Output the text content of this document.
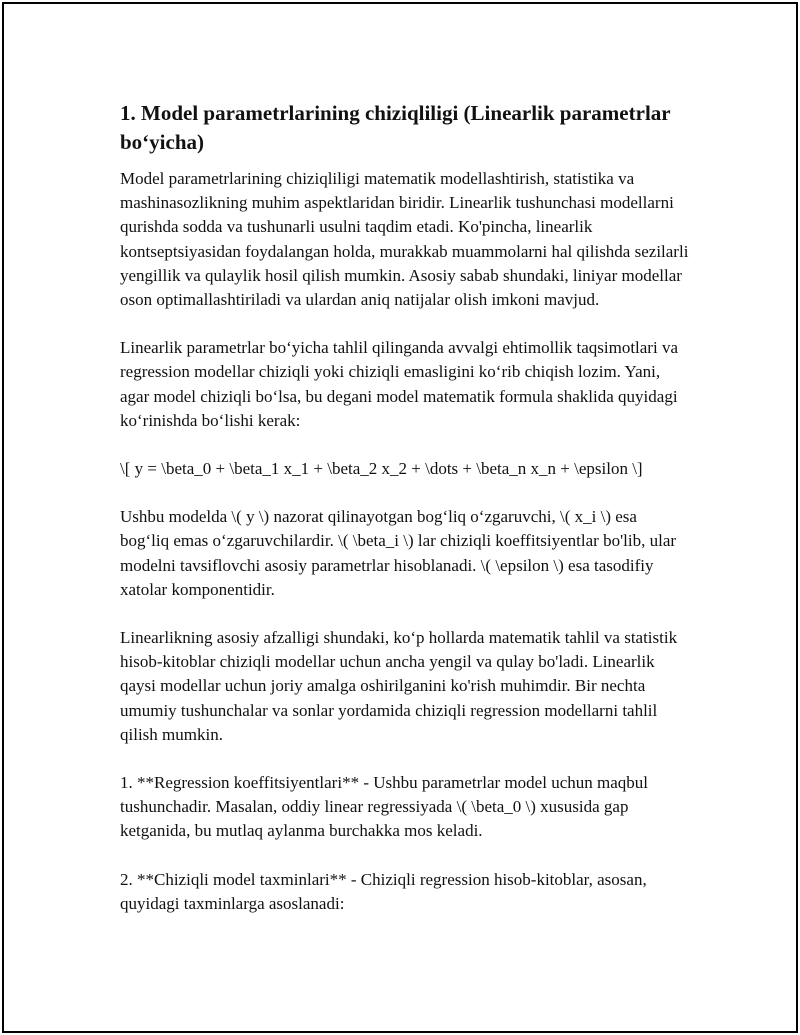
1. Model parametrlarining chiziqliligi (Linearlik parametrlar bo‘yicha)

Model parametrlarining chiziqliligi matematik modellashtirish, statistika va mashinasozlikning muhim aspektlaridan biridir. Linearlik tushunchasi modellarni qurishda sodda va tushunarli usulni taqdim etadi. Ko'pincha, linearlik kontseptsiyasidan foydalangan holda, murakkab muammolarni hal qilishda sezilarli yengillik va qulaylik hosil qilish mumkin. Asosiy sabab shundaki, liniyar modellar oson optimallashtiriladi va ulardan aniq natijalar olish imkoni mavjud.

Linearlik parametrlar bo‘yicha tahlil qilinganda avvalgi ehtimollik taqsimotlari va regression modellar chiziqli yoki chiziqli emasligini ko‘rib chiqish lozim. Yani, agar model chiziqli bo‘lsa, bu degani model matematik formula shaklida quyidagi ko‘rinishda bo‘lishi kerak:

\[ y = \beta_0 + \beta_1 x_1 + \beta_2 x_2 + \dots + \beta_n x_n + \epsilon \]

Ushbu modelda \( y \) nazorat qilinayotgan bog‘liq o‘zgaruvchi, \( x_i \) esa bog‘liq emas o‘zgaruvchilardir. \( \beta_i \) lar chiziqli koeffitsiyentlar bo'lib, ular modelni tavsiflovchi asosiy parametrlar hisoblanadi. \( \epsilon \) esa tasodifiy xatolar komponentidir.

Linearlikning asosiy afzalligi shundaki, ko‘p hollarda matematik tahlil va statistik hisob-kitoblar chiziqli modellar uchun ancha yengil va qulay bo'ladi. Linearlik qaysi modellar uchun joriy amalga oshirilganini ko'rish muhimdir. Bir nechta umumiy tushunchalar va sonlar yordamida chiziqli regression modellarni tahlil qilish mumkin.

1. **Regression koeffitsiyentlari** - Ushbu parametrlar model uchun maqbul tushunchadir. Masalan, oddiy linear regressiyada \( \beta_0 \) xususida gap ketganida, bu mutlaq aylanma burchakka mos keladi.

2. **Chiziqli model taxminlari** - Chiziqli regression hisob-kitoblar, asosan, quyidagi taxminlarga asoslanadi:
